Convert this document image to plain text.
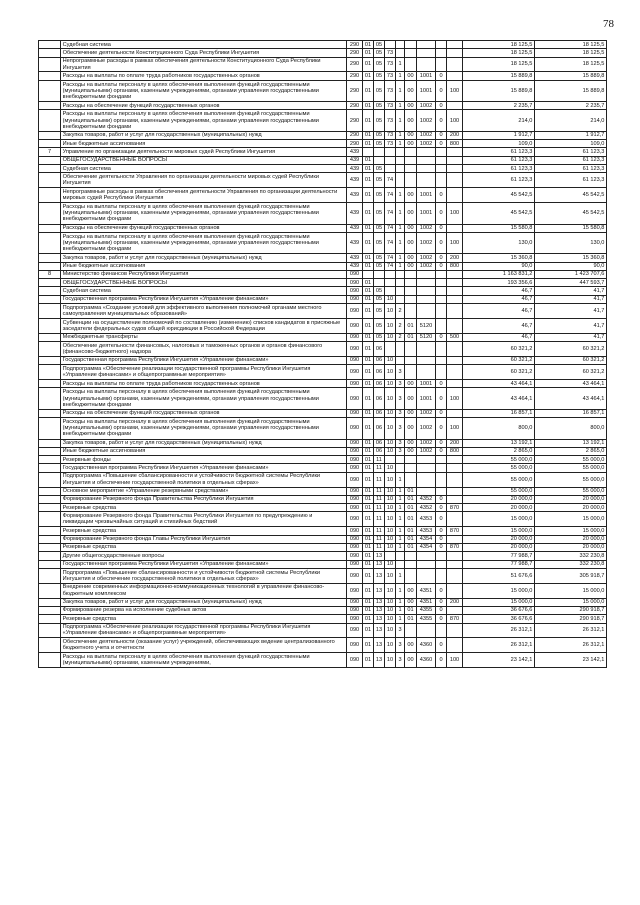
78
	Судебная система	290	01	05							18 125,5	18 125,5
	Обеспечение деятельности Конституционного Суда Республики Ингушетия	290	01	05	73						18 125,5	18 125,5
	Непрограммные расходы в рамках обеспечения деятельности Конституционного Суда Республики Ингушетия	290	01	05	73	1					18 125,5	18 125,5
	Расходы на выплаты по оплате труда работников государственных органов	290	01	05	73	1	00	1001	0		15 889,8	15 889,8
	Расходы на выплаты персоналу в целях обеспечения выполнения функций государственными (муниципальными) органами, казенными учреждениями, органами управления государственными внебюджетными фондами	290	01	05	73	1	00	1001	0	100	15 889,8	15 889,8
	Расходы на обеспечение функций государственных органов	290	01	05	73	1	00	1002	0		2 235,7	2 235,7
	Расходы на выплаты персоналу в целях обеспечения выполнения функций государственными (муниципальными) органами, казенными учреждениями, органами управления государственными внебюджетными фондами	290	01	05	73	1	00	1002	0	100	214,0	214,0
	Закупка товаров, работ и услуг для государственных (муниципальных) нужд	290	01	05	73	1	00	1002	0	200	1 912,7	1 912,7
	Иные бюджетные ассигнования	290	01	05	73	1	00	1002	0	800	109,0	109,0
7	Управление по организации деятельности мировых судей Республики Ингушетия	439									61 123,3	61 123,3
	ОБЩЕГОСУДАРСТВЕННЫЕ ВОПРОСЫ	439	01								61 123,3	61 123,3
	Судебная система	439	01	05							61 123,3	61 123,3
	Обеспечение деятельности Управления по организации деятельности мировых судей Республики Ингушетия	439	01	05	74						61 123,3	61 123,3
	Непрограммные расходы в рамках обеспечения деятельности Управления по организации деятельности мировых судей Республики Ингушетия	439	01	05	74	1	00	1001	0		45 542,5	45 542,5
	Расходы на выплаты персоналу в целях обеспечения выполнения функций государственными (муниципальными) органами, казенными учреждениями, органами управления государственными внебюджетными фондами	439	01	05	74	1	00	1001	0	100	45 542,5	45 542,5
	Расходы на обеспечение функций государственных органов	439	01	05	74	1	00	1002	0		15 580,8	15 580,8
	Расходы на выплаты персоналу в целях обеспечения выполнения функций государственными (муниципальными) органами, казенными учреждениями, органами управления государственными внебюджетными фондами	439	01	05	74	1	00	1002	0	100	130,0	130,0
	Закупка товаров, работ и услуг для государственных (муниципальных) нужд	439	01	05	74	1	00	1002	0	200	15 360,8	15 360,8
	Иные бюджетные ассигнования	439	01	05	74	1	00	1002	0	800	90,0	90,0
8	Министерство финансов Республики Ингушетия	090									1 163 831,2	1 423 707,6
	ОБЩЕГОСУДАРСТВЕННЫЕ ВОПРОСЫ	090	01								193 356,6	447 593,7
	Судебная система	090	01	05							46,7	41,7
	Государственная программа Республики Ингушетия «Управление финансами»	090	01	05	10						46,7	41,7
	Подпрограмма «Создание условий для эффективного выполнения полномочий органами местного самоуправления муниципальных образований»	090	01	05	10	2					46,7	41,7
	Субвенции на осуществление полномочий по составлению (изменению) списков кандидатов в присяжные заседатели федеральных судов общей юрисдикции в Российской Федерации	090	01	05	10	2	01	5120			46,7	41,7
	Межбюджетные трансферты	090	01	05	10	2	01	5120	0	500	46,7	41,7
	Обеспечение деятельности финансовых, налоговых и таможенных органов и органов финансового (финансово-бюджетного) надзора	090	01	06							60 321,2	60 321,2
	Государственная программа Республики Ингушетия «Управление финансами»	090	01	06	10						60 321,2	60 321,2
	Подпрограмма «Обеспечение реализации государственной программы Республики Ингушетия «Управление финансами» и общепрограммные мероприятия»	090	01	06	10	3					60 321,2	60 321,2
	Расходы на выплаты по оплате труда работников государственных органов	090	01	06	10	3	00	1001	0		43 464,1	43 464,1
	Расходы на выплаты персоналу в целях обеспечения выполнения функций государственными (муниципальными) органами, казенными учреждениями, органами управления государственными внебюджетными фондами	090	01	06	10	3	00	1001	0	100	43 464,1	43 464,1
	Расходы на обеспечение функций государственных органов	090	01	06	10	3	00	1002	0		16 857,1	16 857,1
	Расходы на выплаты персоналу в целях обеспечения выполнения функций государственными (муниципальными) органами, казенными учреждениями, органами управления государственными внебюджетными фондами	090	01	06	10	3	00	1002	0	100	800,0	800,0
	Закупка товаров, работ и услуг для государственных (муниципальных) нужд	090	01	06	10	3	00	1002	0	200	13 192,1	13 192,1
	Иные бюджетные ассигнования	090	01	06	10	3	00	1002	0	800	2 865,0	2 865,0
	Резервные фонды	090	01	11							55 000,0	55 000,0
	Государственная программа Республики Ингушетия «Управление финансами»	090	01	11	10						55 000,0	55 000,0
	Подпрограмма «Повышение сбалансированности и устойчивости бюджетной системы Республики Ингушетия и обеспечение государственной политики в отдельных сферах»	090	01	11	10	1					55 000,0	55 000,0
	Основное мероприятие «Управление резервными средствами»	090	01	11	10	1	01				55 000,0	55 000,0
	Формирование Резервного фонда Правительства Республики Ингушетия	090	01	11	10	1	01	4352	0		20 000,0	20 000,0
	Резервные средства	090	01	11	10	1	01	4352	0	870	20 000,0	20 000,0
	Формирование Резервного фонда Правительства Республики Ингушетия по предупреждению и ликвидации чрезвычайных ситуаций и стихийных бедствий	090	01	11	10	1	01	4353	0		15 000,0	15 000,0
	Резервные средства	090	01	11	10	1	01	4353	0	870	15 000,0	15 000,0
	Формирование Резервного фонда Главы Республики Ингушетия	090	01	11	10	1	01	4354	0		20 000,0	20 000,0
	Резервные средства	090	01	11	10	1	01	4354	0	870	20 000,0	20 000,0
	Другие общегосударственные вопросы	090	01	13							77 988,7	332 230,8
	Государственная программа Республики Ингушетия «Управление финансами»	090	01	13	10						77 988,7	332 230,8
	Подпрограмма «Повышение сбалансированности и устойчивости бюджетной системы Республики Ингушетия и обеспечение государственной политики в отдельных сферах»	090	01	13	10	1					51 676,6	305 918,7
	Внедрение современных информационно-коммуникационных технологий в управление финансово-бюджетным комплексом	090	01	13	10	1	00	4351	0		15 000,0	15 000,0
	Закупка товаров, работ и услуг для государственных (муниципальных) нужд	090	01	13	10	1	00	4351	0	200	15 000,0	15 000,0
	Формирование резерва на исполнение судебных актов	090	01	13	10	1	01	4355	0		36 676,6	290 918,7
	Резервные средства	090	01	13	10	1	01	4355	0	870	36 676,6	290 918,7
	Подпрограмма «Обеспечение реализации государственной программы Республики Ингушетия «Управление финансами» и общепрограммные мероприятия»	090	01	13	10	3					26 312,1	26 312,1
	Обеспечение деятельности (оказание услуг) учреждений, обеспечивающих ведение централизованного бюджетного учета и отчетности	090	01	13	10	3	00	4360	0		26 312,1	26 312,1
	Расходы на выплаты персоналу в целях обеспечения выполнения функций государственными (муниципальными) органами, казенными учреждениями,	090	01	13	10	3	00	4360	0	100	23 142,1	23 142,1
